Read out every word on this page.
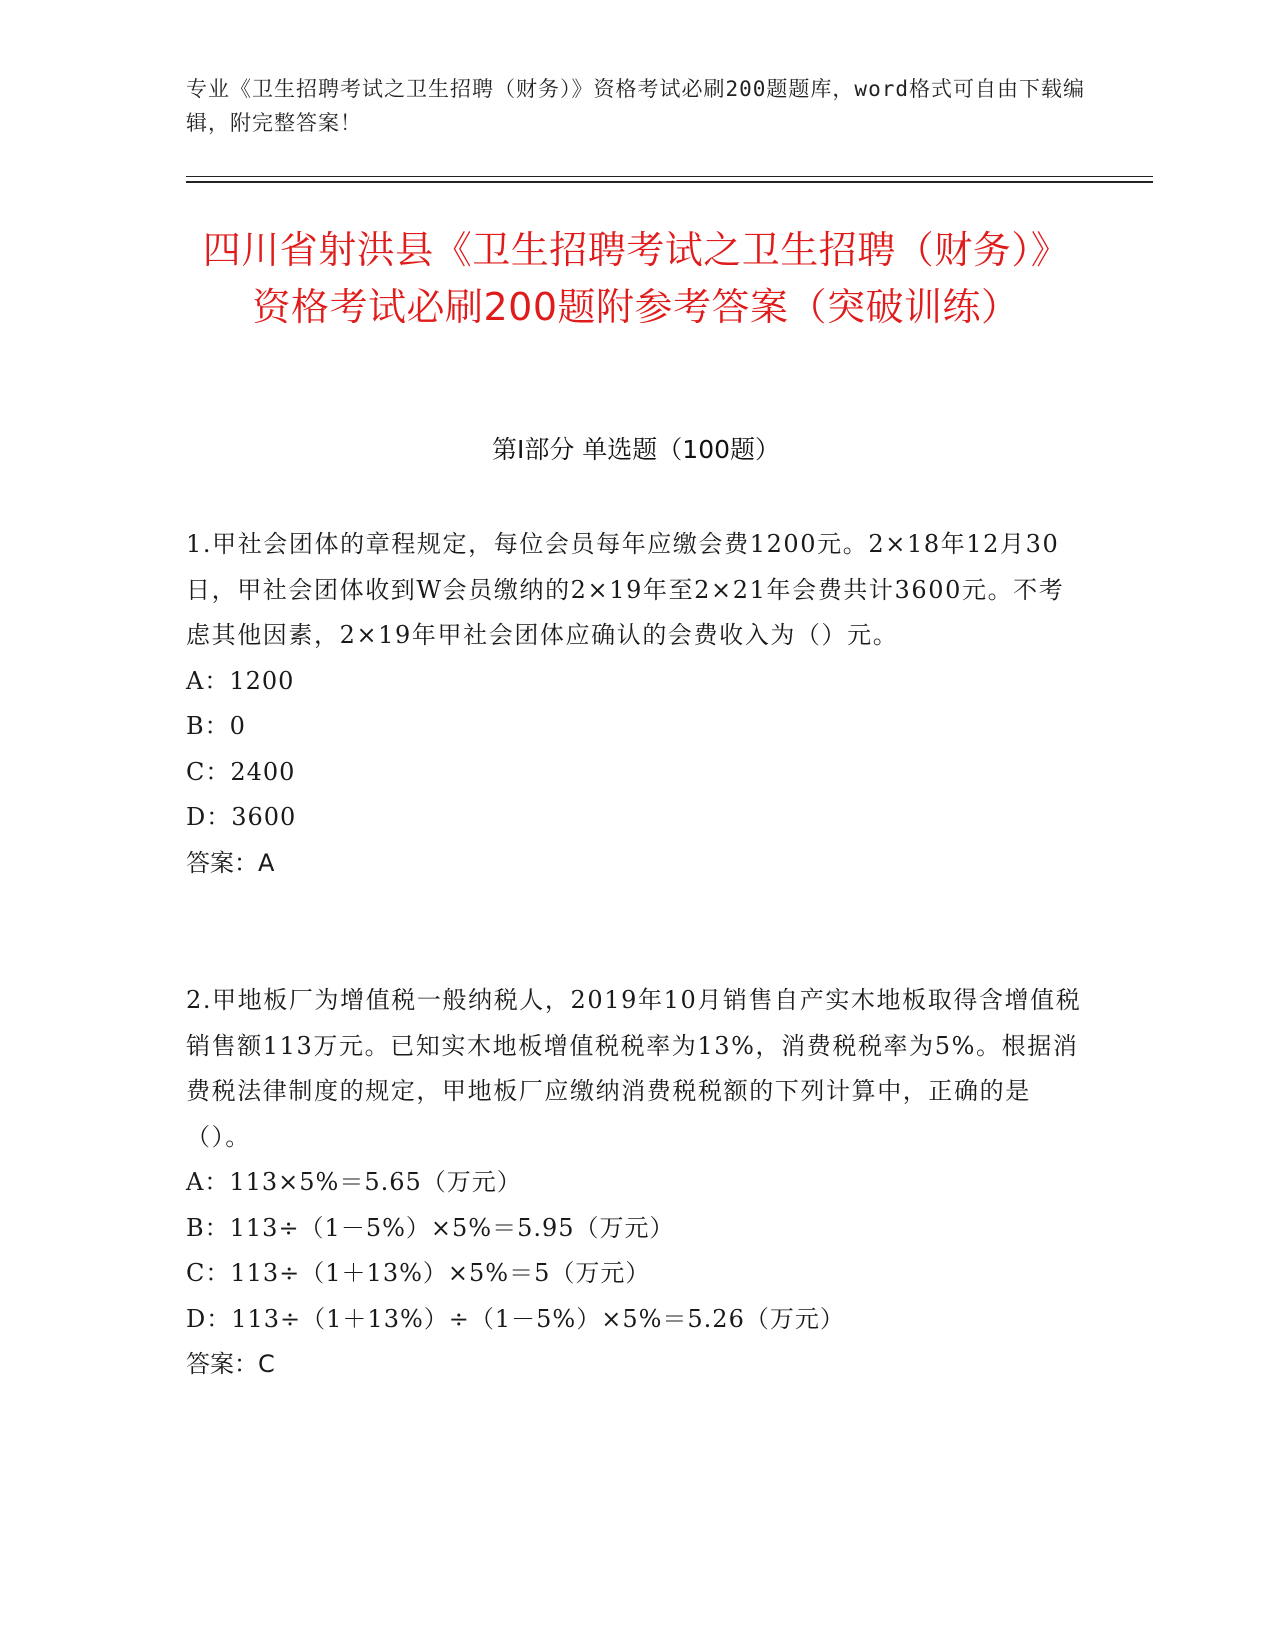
专业《卫生招聘考试之卫生招聘（财务）》资格考试必刷200题题库，word格式可自由下载编辑，附完整答案！
四川省射洪县《卫生招聘考试之卫生招聘（财务）》资格考试必刷200题附参考答案（突破训练）
第I部分 单选题（100题）

1.甲社会团体的章程规定，每位会员每年应缴会费1200元。2×18年12月30日，甲社会团体收到W会员缴纳的2×19年至2×21年会费共计3600元。不考虑其他因素，2×19年甲社会团体应确认的会费收入为（）元。

A：1200

B：0

C：2400

D：3600

答案：A

2.甲地板厂为增值税一般纳税人，2019年10月销售自产实木地板取得含增值税销售额113万元。已知实木地板增值税税率为13%，消费税税率为5%。根据消费税法律制度的规定，甲地板厂应缴纳消费税税额的下列计算中，正确的是（）。

A：113×5%＝5.65（万元）

B：113÷（1－5%）×5%＝5.95（万元）

C：113÷（1＋13%）×5%＝5（万元）

D：113÷（1＋13%）÷（1－5%）×5%＝5.26（万元）

答案：C
